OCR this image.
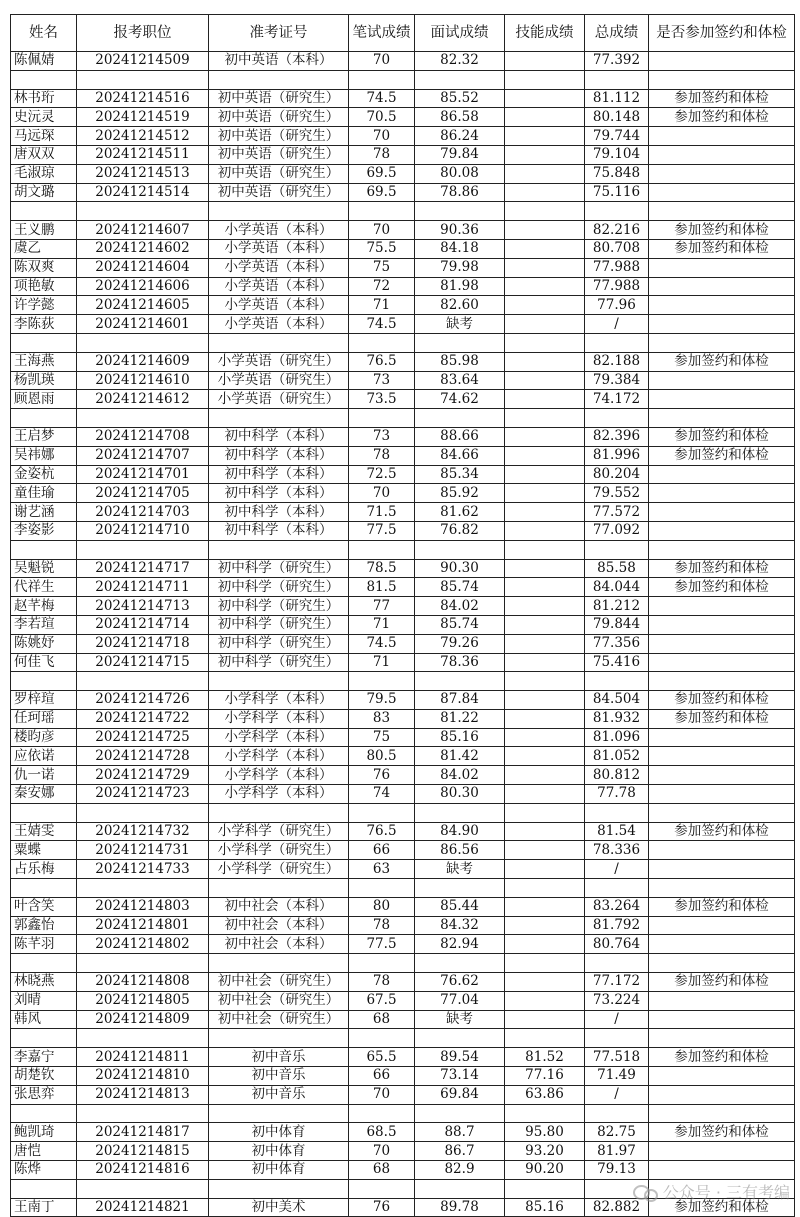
姓名	报考职位	准考证号	笔试成绩	面试成绩	技能成绩	总成绩	是否参加签约和体检
陈佩婧	20241214509	初中英语（本科）	70	82.32		77.392	

林书珩	20241214516	初中英语（研究生）	74.5	85.52		81.112	参加签约和体检
史沅灵	20241214519	初中英语（研究生）	70.5	86.58		80.148	参加签约和体检
马远琛	20241214512	初中英语（研究生）	70	86.24		79.744	
唐双双	20241214511	初中英语（研究生）	78	79.84		79.104	
毛淑琼	20241214513	初中英语（研究生）	69.5	80.08		75.848	
胡文璐	20241214514	初中英语（研究生）	69.5	78.86		75.116	

王义鹏	20241214607	小学英语（本科）	70	90.36		82.216	参加签约和体检
虞乙	20241214602	小学英语（本科）	75.5	84.18		80.708	参加签约和体检
陈双爽	20241214604	小学英语（本科）	75	79.98		77.988	
项艳敏	20241214606	小学英语（本科）	72	81.98		77.988	
许学懿	20241214605	小学英语（本科）	71	82.60		77.96	
李陈荻	20241214601	小学英语（本科）	74.5	缺考		/	

王海燕	20241214609	小学英语（研究生）	76.5	85.98		82.188	参加签约和体检
杨凯瑛	20241214610	小学英语（研究生）	73	83.64		79.384	
顾恩雨	20241214612	小学英语（研究生）	73.5	74.62		74.172	

王启梦	20241214708	初中科学（本科）	73	88.66		82.396	参加签约和体检
吴祎娜	20241214707	初中科学（本科）	78	84.66		81.996	参加签约和体检
金姿杭	20241214701	初中科学（本科）	72.5	85.34		80.204	
童佳瑜	20241214705	初中科学（本科）	70	85.92		79.552	
谢艺涵	20241214703	初中科学（本科）	71.5	81.62		77.572	
李姿影	20241214710	初中科学（本科）	77.5	76.82		77.092	

吴魁锐	20241214717	初中科学（研究生）	78.5	90.30		85.58	参加签约和体检
代祥生	20241214711	初中科学（研究生）	81.5	85.74		84.044	参加签约和体检
赵芊梅	20241214713	初中科学（研究生）	77	84.02		81.212	
李若瑄	20241214714	初中科学（研究生）	71	85.74		79.844	
陈姚妤	20241214718	初中科学（研究生）	74.5	79.26		77.356	
何佳飞	20241214715	初中科学（研究生）	71	78.36		75.416	

罗梓瑄	20241214726	小学科学（本科）	79.5	87.84		84.504	参加签约和体检
任珂瑶	20241214722	小学科学（本科）	83	81.22		81.932	参加签约和体检
楼昀彦	20241214725	小学科学（本科）	75	85.16		81.096	
应依诺	20241214728	小学科学（本科）	80.5	81.42		81.052	
仇一诺	20241214729	小学科学（本科）	76	84.02		80.812	
秦安娜	20241214723	小学科学（本科）	74	80.30		77.78	

王婧雯	20241214732	小学科学（研究生）	76.5	84.90		81.54	参加签约和体检
粟蝶	20241214731	小学科学（研究生）	66	86.56		78.336	
占乐梅	20241214733	小学科学（研究生）	63	缺考		/	

叶含笑	20241214803	初中社会（本科）	80	85.44		83.264	参加签约和体检
郭鑫怡	20241214801	初中社会（本科）	78	84.32		81.792	
陈芊羽	20241214802	初中社会（本科）	77.5	82.94		80.764	

林晓燕	20241214808	初中社会（研究生）	78	76.62		77.172	参加签约和体检
刘晴	20241214805	初中社会（研究生）	67.5	77.04		73.224	
韩风	20241214809	初中社会（研究生）	68	缺考		/	

李嘉宁	20241214811	初中音乐	65.5	89.54	81.52	77.518	参加签约和体检
胡楚钦	20241214810	初中音乐	66	73.14	77.16	71.49	
张思弈	20241214813	初中音乐	70	69.84	63.86	/	

鲍凯琦	20241214817	初中体育	68.5	88.7	95.80	82.75	参加签约和体检
唐恺	20241214815	初中体育	70	86.7	93.20	81.97	
陈烨	20241214816	初中体育	68	82.9	90.20	79.13	

王南丁	20241214821	初中美术	76	89.78	85.16	82.882	参加签约和体检
公众号 · 三有考编
